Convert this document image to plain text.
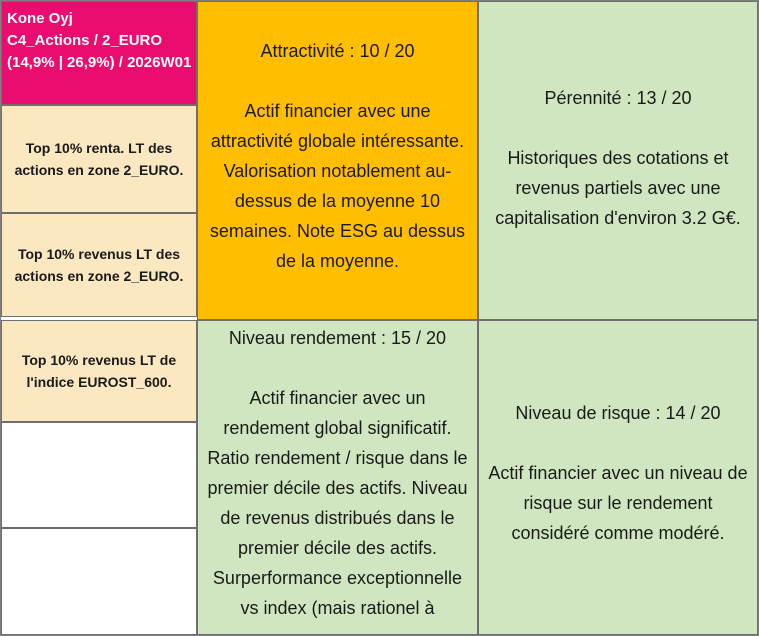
Kone Oyj
C4_Actions / 2_EURO
(14,9% | 26,9%) / 2026W01
Top 10% renta. LT des actions en zone 2_EURO.
Top 10% revenus LT des actions en zone 2_EURO.
Top 10% revenus LT de l'indice EUROST_600.
Attractivité : 10 / 20
Actif financier avec une attractivité globale intéressante.
Valorisation notablement au-dessus de la moyenne 10 semaines. Note ESG au dessus de la moyenne.
Pérennité : 13 / 20
Historiques des cotations et revenus partiels avec une capitalisation d'environ 3.2 G€.
Niveau rendement : 15 / 20
Actif financier avec un rendement global significatif.
Ratio rendement / risque dans le premier décile des actifs. Niveau de revenus distribués dans le premier décile des actifs.
Surperformance exceptionnelle vs index (mais rationel à
Niveau de risque : 14 / 20
Actif financier avec un niveau de risque sur le rendement considéré comme modéré.
